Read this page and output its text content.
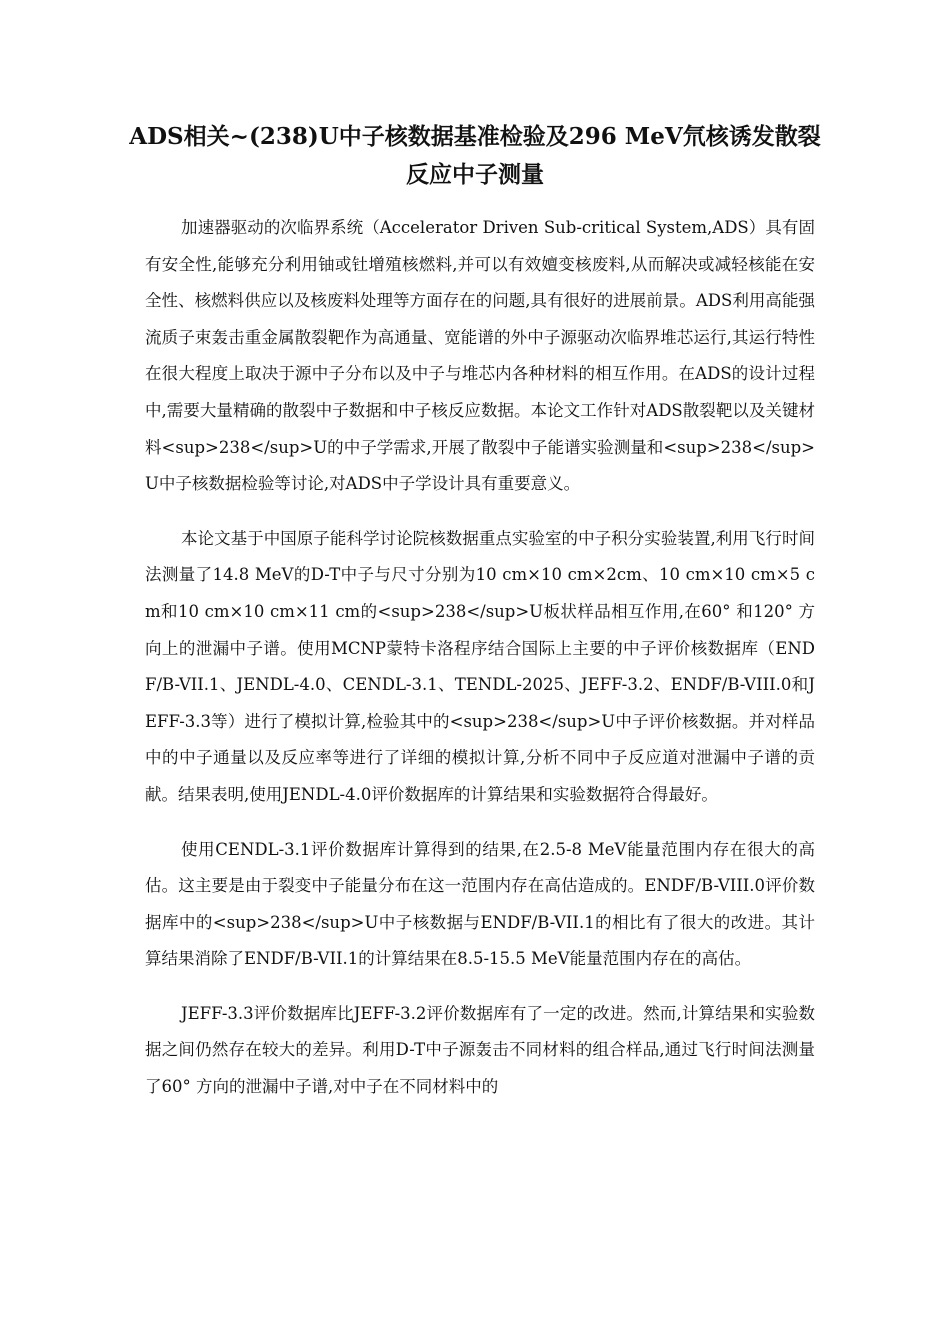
ADS相关~(238)U中子核数据基准检验及296 MeV氘核诱发散裂
反应中子测量

加速器驱动的次临界系统（Accelerator Driven Sub-critical System,ADS）具有固有安全性,能够充分利用铀或钍增殖核燃料,并可以有效嬗变核废料,从而解决或减轻核能在安全性、核燃料供应以及核废料处理等方面存在的问题,具有很好的进展前景。ADS利用高能强流质子束轰击重金属散裂靶作为高通量、宽能谱的外中子源驱动次临界堆芯运行,其运行特性在很大程度上取决于源中子分布以及中子与堆芯内各种材料的相互作用。在ADS的设计过程中,需要大量精确的散裂中子数据和中子核反应数据。本论文工作针对ADS散裂靶以及关键材料<sup>238</sup>U的中子学需求,开展了散裂中子能谱实验测量和<sup>238</sup>U中子核数据检验等讨论,对ADS中子学设计具有重要意义。

本论文基于中国原子能科学讨论院核数据重点实验室的中子积分实验装置,利用飞行时间法测量了14.8 MeV的D-T中子与尺寸分别为10 cm×10 cm×2cm、10 cm×10 cm×5 cm和10 cm×10 cm×11 cm的<sup>238</sup>U板状样品相互作用,在60° 和120° 方向上的泄漏中子谱。使用MCNP蒙特卡洛程序结合国际上主要的中子评价核数据库（ENDF/B-VII.1、JENDL-4.0、CENDL-3.1、TENDL-2025、JEFF-3.2、ENDF/B-VIII.0和JEFF-3.3等）进行了模拟计算,检验其中的<sup>238</sup>U中子评价核数据。并对样品中的中子通量以及反应率等进行了详细的模拟计算,分析不同中子反应道对泄漏中子谱的贡献。结果表明,使用JENDL-4.0评价数据库的计算结果和实验数据符合得最好。

使用CENDL-3.1评价数据库计算得到的结果,在2.5-8 MeV能量范围内存在很大的高估。这主要是由于裂变中子能量分布在这一范围内存在高估造成的。ENDF/B-VIII.0评价数据库中的<sup>238</sup>U中子核数据与ENDF/B-VII.1的相比有了很大的改进。其计算结果消除了ENDF/B-VII.1的计算结果在8.5-15.5 MeV能量范围内存在的高估。

JEFF-3.3评价数据库比JEFF-3.2评价数据库有了一定的改进。然而,计算结果和实验数据之间仍然存在较大的差异。利用D-T中子源轰击不同材料的组合样品,通过飞行时间法测量了60° 方向的泄漏中子谱,对中子在不同材料中的
